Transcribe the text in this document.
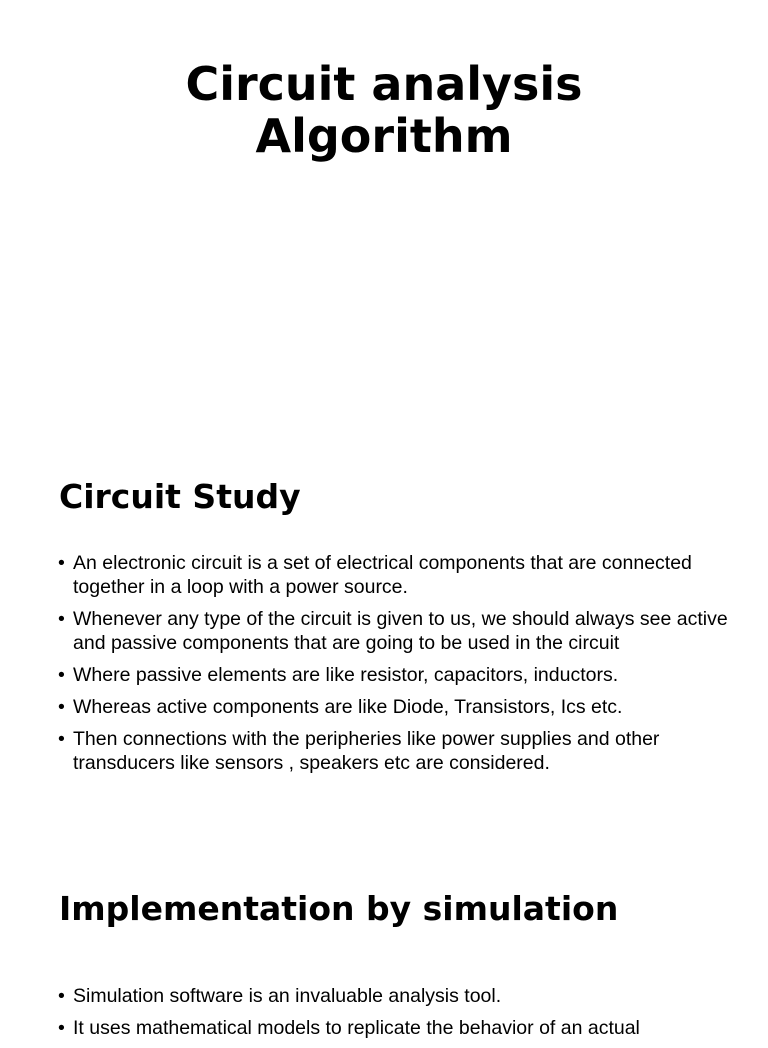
Circuit analysis
Algorithm
Circuit Study
• An electronic circuit is a set of electrical components that are connected together in a loop with a power source.
• Whenever any type of the circuit is given to us, we should always see active and passive components that are going to be used in the circuit
• Where passive elements are like resistor, capacitors, inductors.
• Whereas active components are like Diode, Transistors, Ics etc.
• Then connections with the peripheries like power supplies and other transducers like sensors , speakers etc are considered.
Implementation by simulation
• Simulation software is an invaluable analysis tool.
• It uses mathematical models to replicate the behavior of an actual
